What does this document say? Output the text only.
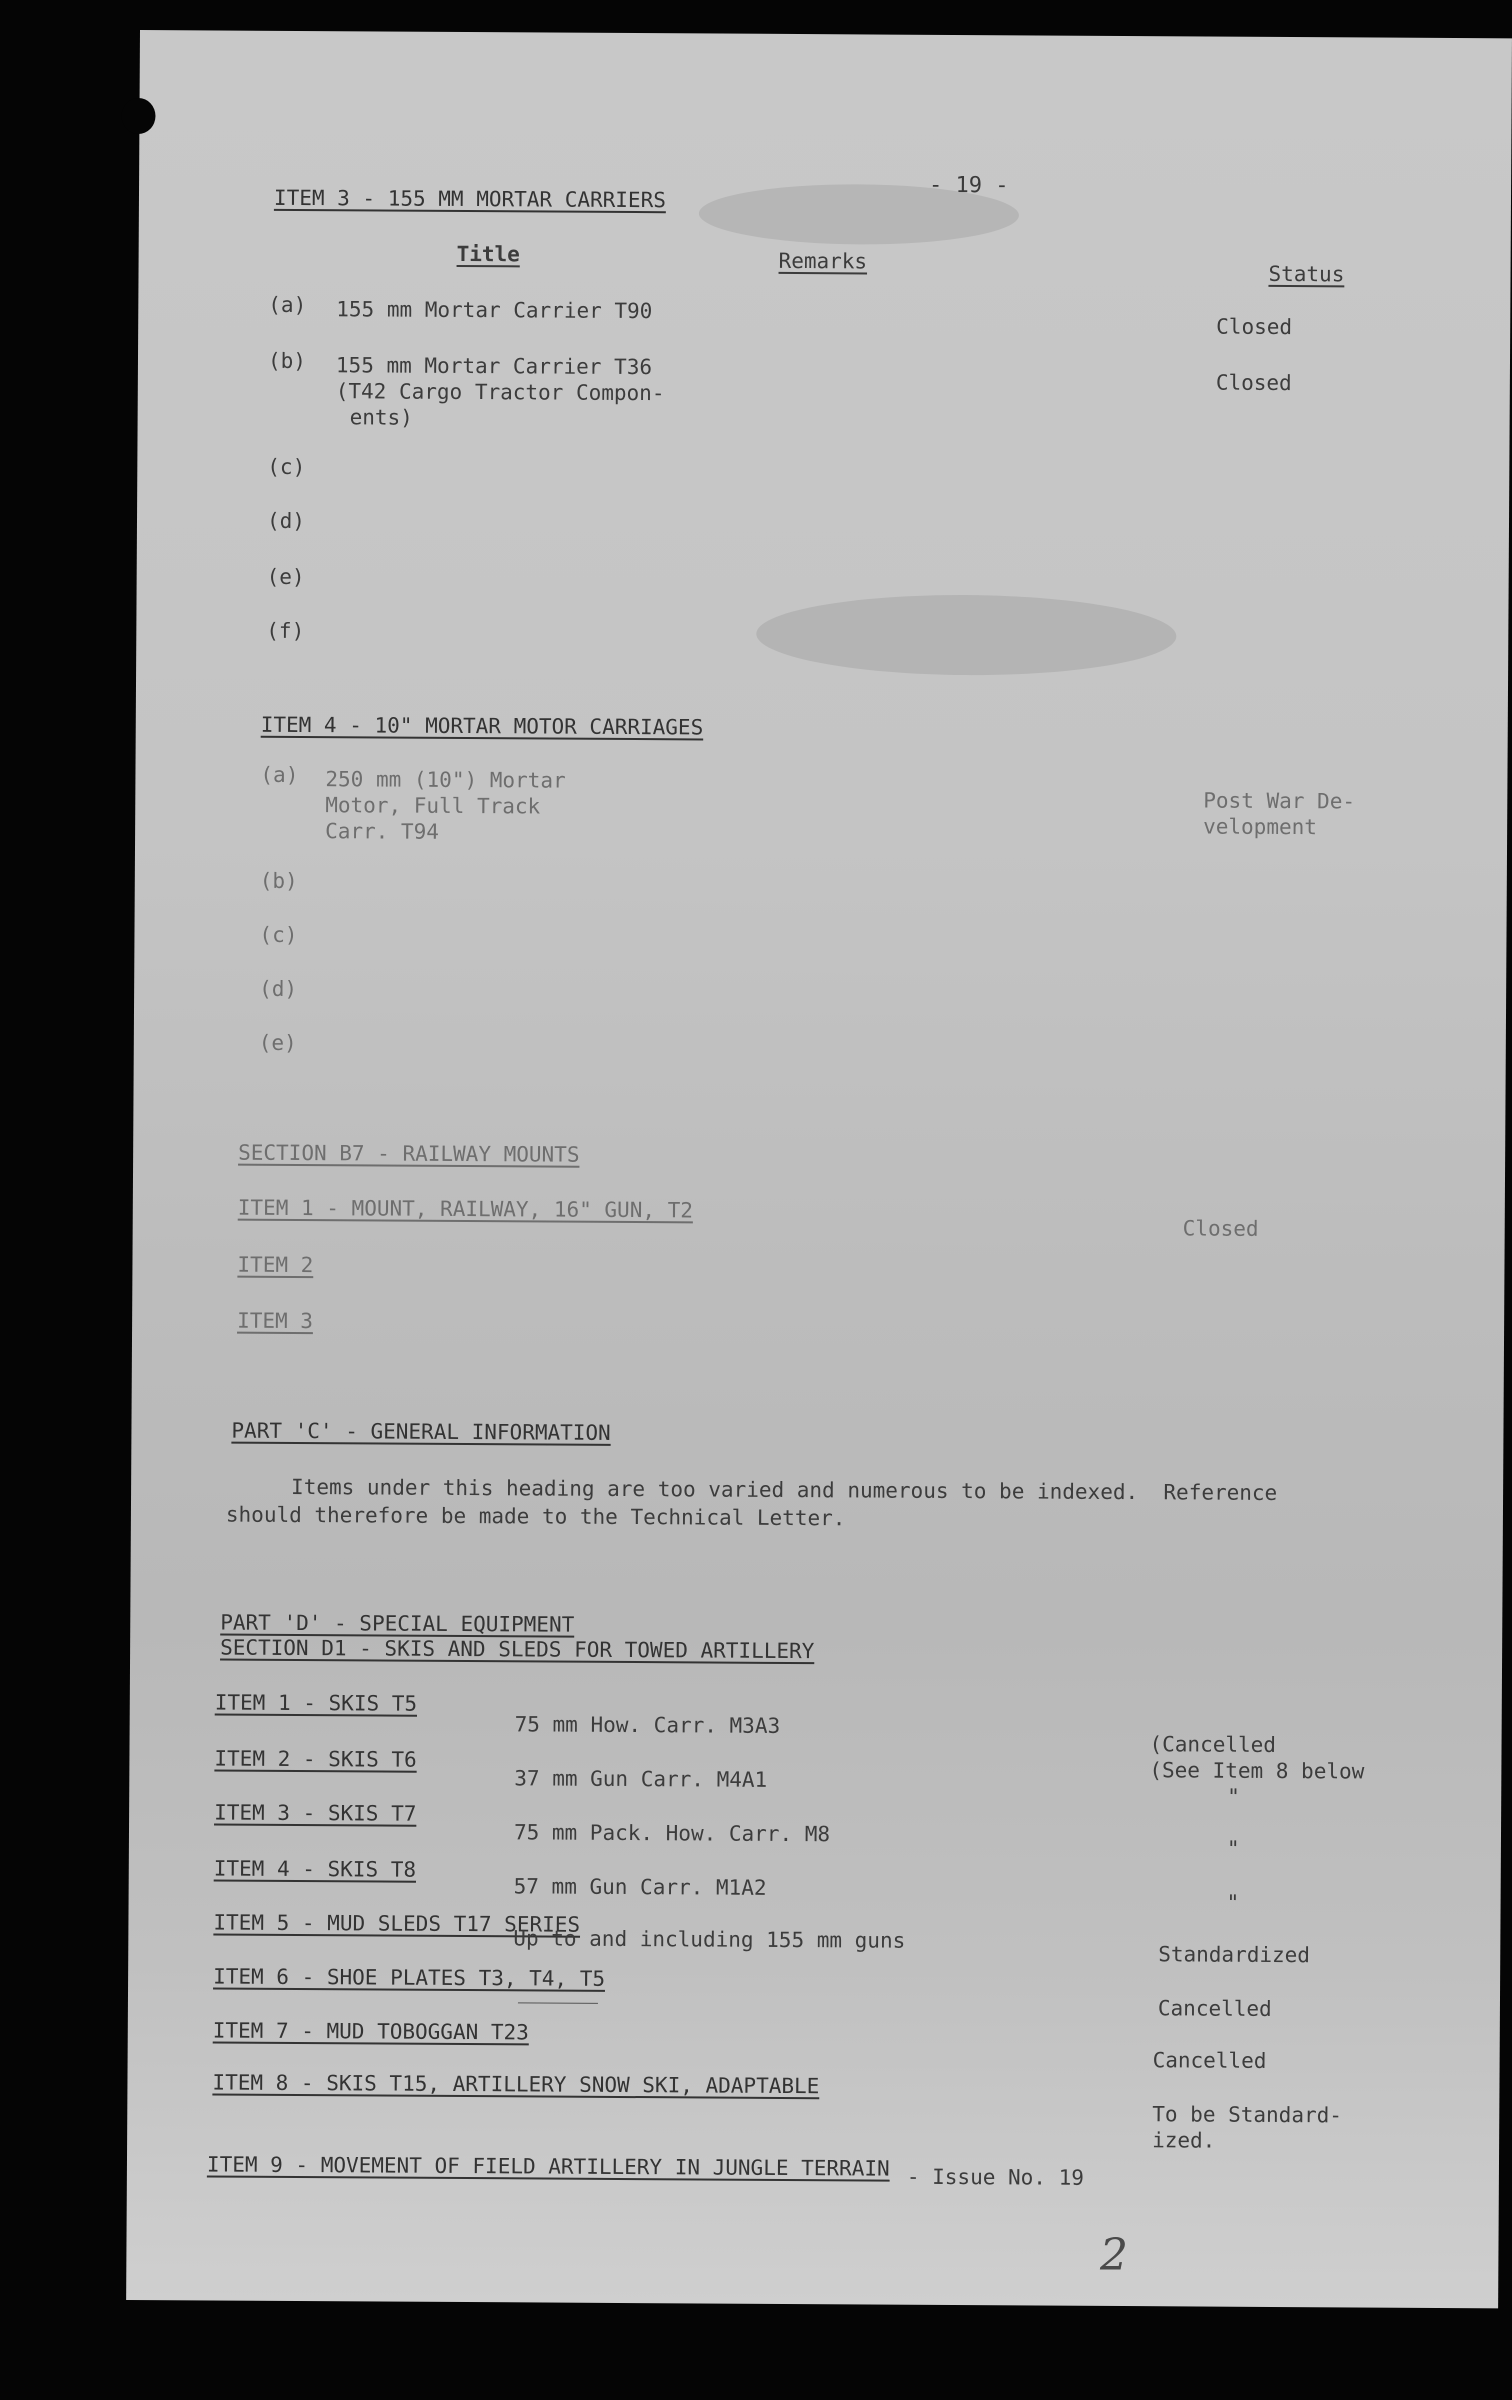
- 19 -
ITEM 3 - 155 MM MORTAR CARRIERS
Title	Remarks
Status
(a) 155 mm Mortar Carrier T90
Closed
(b) 155 mm Mortar Carrier T36
(T42 Cargo Tractor Compon-
ents)
Closed
(c)
(d)
(e)
(f)
ITEM 4 - 10" MORTAR MOTOR CARRIAGES
(a) 250 mm (10") Mortar
Motor, Full Track
Carr. T94
Post War De-
velopment
(b)
(c)
(d)
(e)
SECTION B7 - RAILWAY MOUNTS
ITEM 1 - MOUNT, RAILWAY, 16" GUN, T2
Closed
ITEM 2
ITEM 3
PART 'C' - GENERAL INFORMATION
Items under this heading are too varied and numerous to be indexed.  Reference
should therefore be made to the Technical Letter.
PART 'D' - SPECIAL EQUIPMENT
SECTION D1 - SKIS AND SLEDS FOR TOWED ARTILLERY
ITEM 1 - SKIS T5
75 mm How. Carr. M3A3
(Cancelled
ITEM 2 - SKIS T6
37 mm Gun Carr. M4A1	(See Item 8 below
ITEM 3 - SKIS T7
75 mm Pack. How. Carr. M8
"
"
ITEM 4 - SKIS T8
57 mm Gun Carr. M1A2
"
ITEM 5 - MUD SLEDS T17 SERIES
Up to and including 155 mm guns
Standardized
ITEM 6 - SHOE PLATES T3, T4, T5
Cancelled
ITEM 7 - MUD TOBOGGAN T23
Cancelled
ITEM 8 - SKIS T15, ARTILLERY SNOW SKI, ADAPTABLE
To be Standard-
ized.
ITEM 9 - MOVEMENT OF FIELD ARTILLERY IN JUNGLE TERRAIN - Issue No. 19
2
